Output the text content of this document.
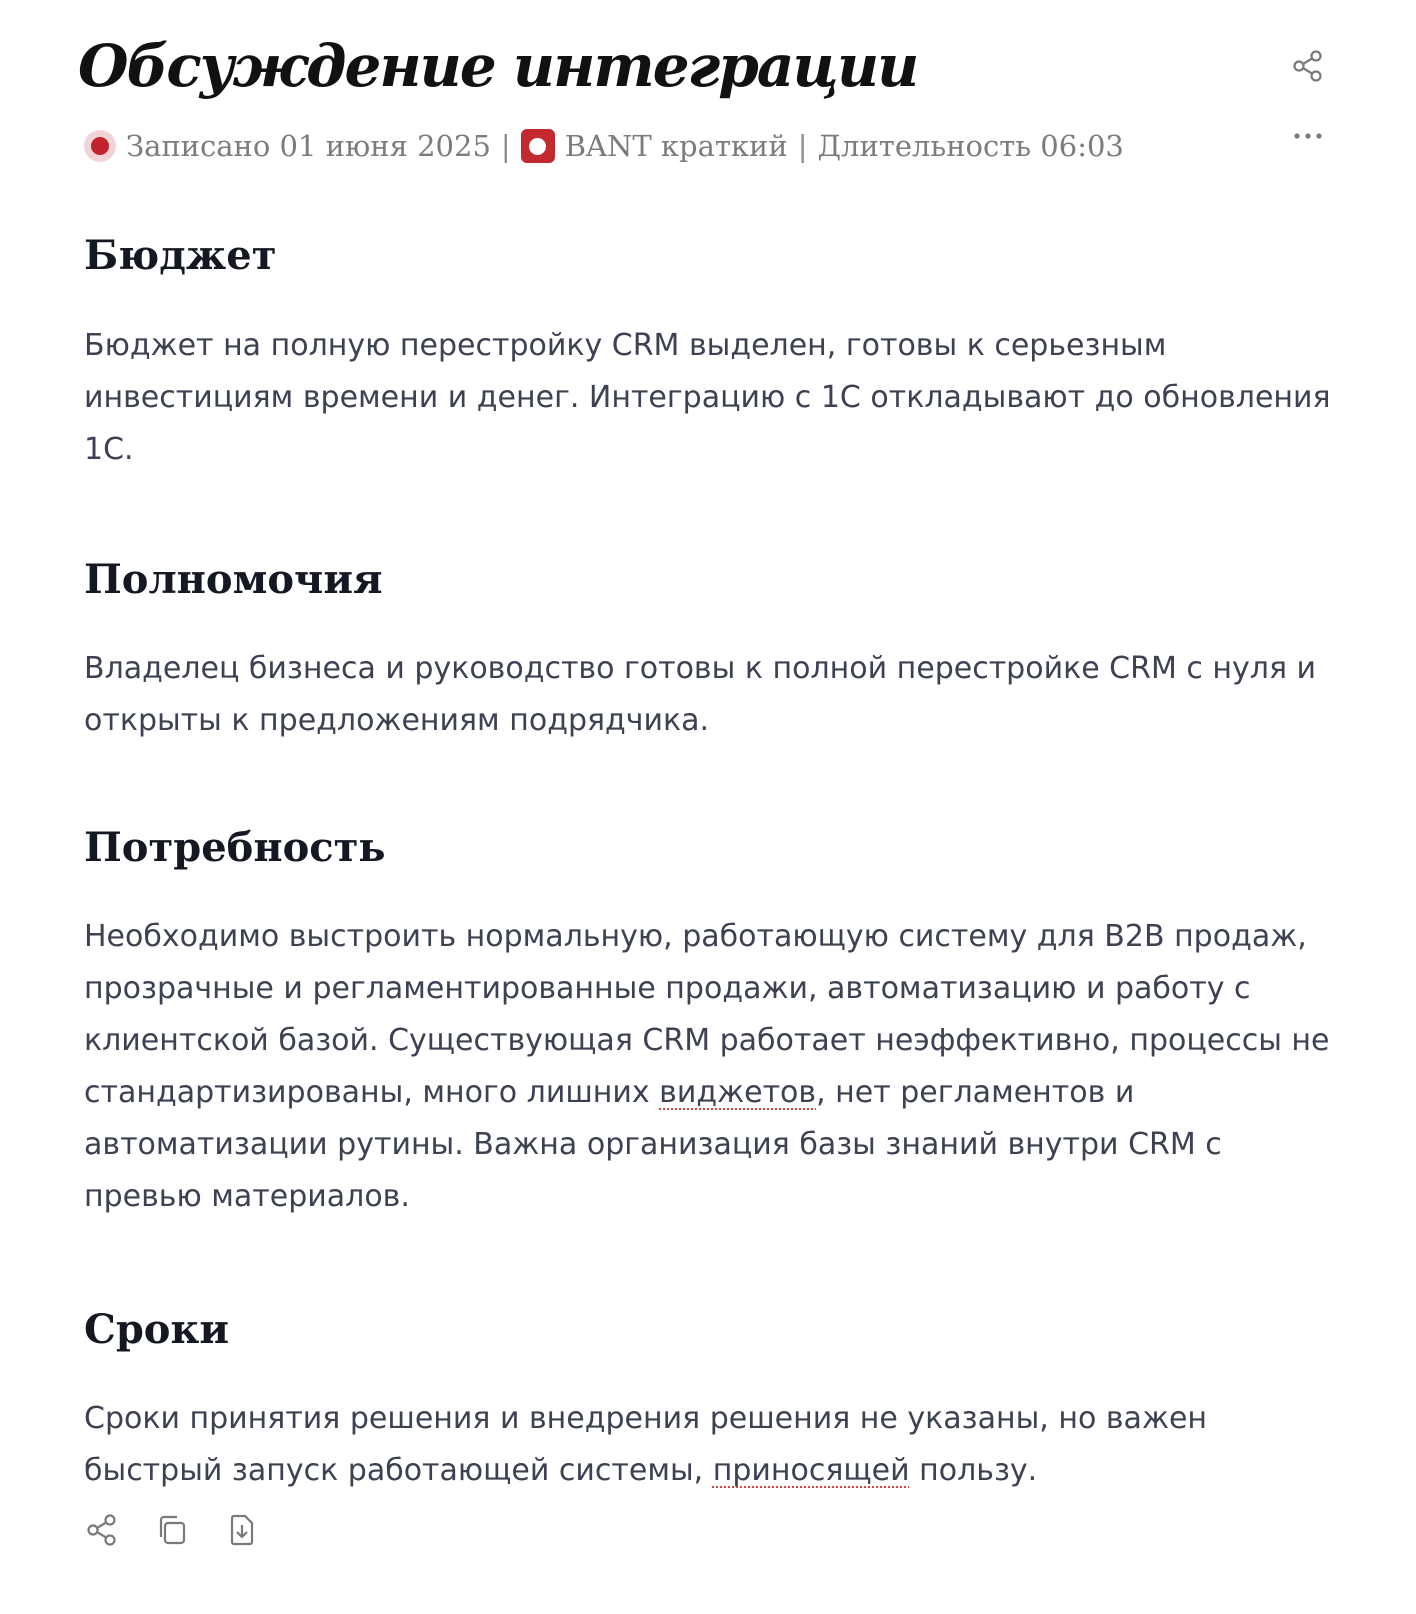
Обсуждение интеграции
Записано 01 июня 2025 | BANT краткий | Длительность 06:03
Бюджет

Бюджет на полную перестройку CRM выделен, готовы к серьезным инвестициям времени и денег. Интеграцию с 1С откладывают до обновления 1С.

Полномочия

Владелец бизнеса и руководство готовы к полной перестройке CRM с нуля и открыты к предложениям подрядчика.

Потребность

Необходимо выстроить нормальную, работающую систему для B2B продаж, прозрачные и регламентированные продажи, автоматизацию и работу с клиентской базой. Существующая CRM работает неэффективно, процессы не стандартизированы, много лишних виджетов, нет регламентов и автоматизации рутины. Важна организация базы знаний внутри CRM с превью материалов.

Сроки

Сроки принятия решения и внедрения решения не указаны, но важен быстрый запуск работающей системы, приносящей пользу.
